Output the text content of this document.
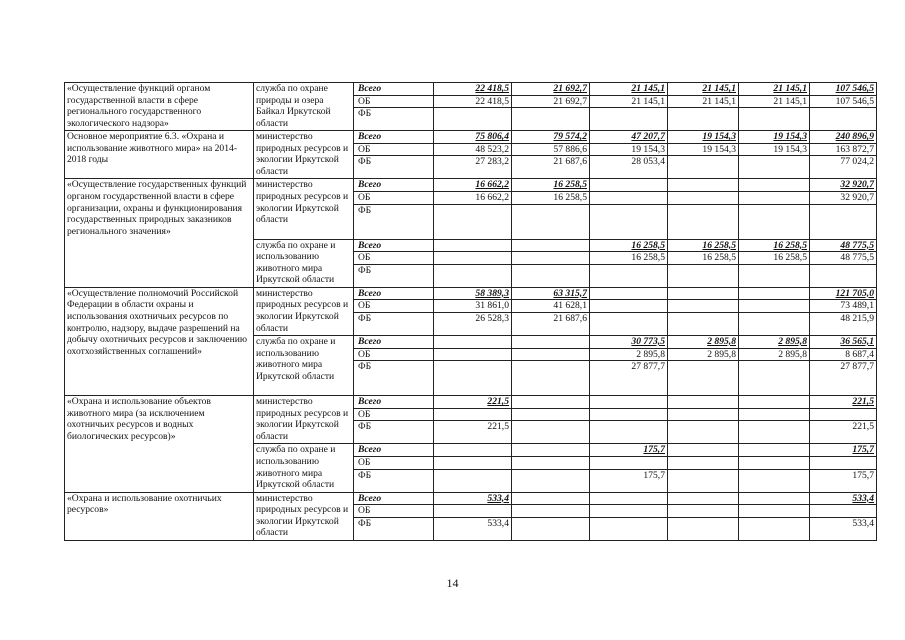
«Осуществление функций органом государственной власти в сфере регионального государственного экологического надзора»	служба по охране природы и озера Байкал Иркутской области	Всего	22 418,5	21 692,7	21 145,1	21 145,1	21 145,1	107 546,5
		ОБ	22 418,5	21 692,7	21 145,1	21 145,1	21 145,1	107 546,5
		ФБ						
Основное мероприятие 6.3. «Охрана и использование животного мира» на 2014-2018 годы	министерство природных ресурсов и экологии Иркутской области	Всего	75 806,4	79 574,2	47 207,7	19 154,3	19 154,3	240 896,9
		ОБ	48 523,2	57 886,6	19 154,3	19 154,3	19 154,3	163 872,7
		ФБ	27 283,2	21 687,6	28 053,4			77 024,2
«Осуществление государственных функций органом государственной власти в сфере организации, охраны и функционирования государственных природных заказников регионального значения»	министерство природных ресурсов и экологии Иркутской области	Всего	16 662,2	16 258,5				32 920,7
		ОБ	16 662,2	16 258,5				32 920,7
		ФБ						
	служба по охране и использованию животного мира Иркутской области	Всего			16 258,5	16 258,5	16 258,5	48 775,5
		ОБ			16 258,5	16 258,5	16 258,5	48 775,5
		ФБ						
«Осуществление полномочий Российской Федерации в области охраны и использования охотничьих ресурсов по контролю, надзору, выдаче разрешений на добычу охотничьих ресурсов и заключению охотхозяйственных соглашений»	министерство природных ресурсов и экологии Иркутской области	Всего	58 389,3	63 315,7				121 705,0
		ОБ	31 861,0	41 628,1				73 489,1
		ФБ	26 528,3	21 687,6				48 215,9
	служба по охране и использованию животного мира Иркутской области	Всего			30 773,5	2 895,8	2 895,8	36 565,1
		ОБ			2 895,8	2 895,8	2 895,8	8 687,4
		ФБ			27 877,7			27 877,7
«Охрана и использование объектов животного мира (за исключением охотничьих ресурсов и водных биологических ресурсов)»	министерство природных ресурсов и экологии Иркутской области	Всего	221,5					221,5
		ОБ						
		ФБ	221,5					221,5
	служба по охране и использованию животного мира Иркутской области	Всего			175,7			175,7
		ОБ						
		ФБ			175,7			175,7
«Охрана и использование охотничьих ресурсов»	министерство природных ресурсов и экологии Иркутской области	Всего	533,4					533,4
		ОБ						
		ФБ	533,4					533,4
14
